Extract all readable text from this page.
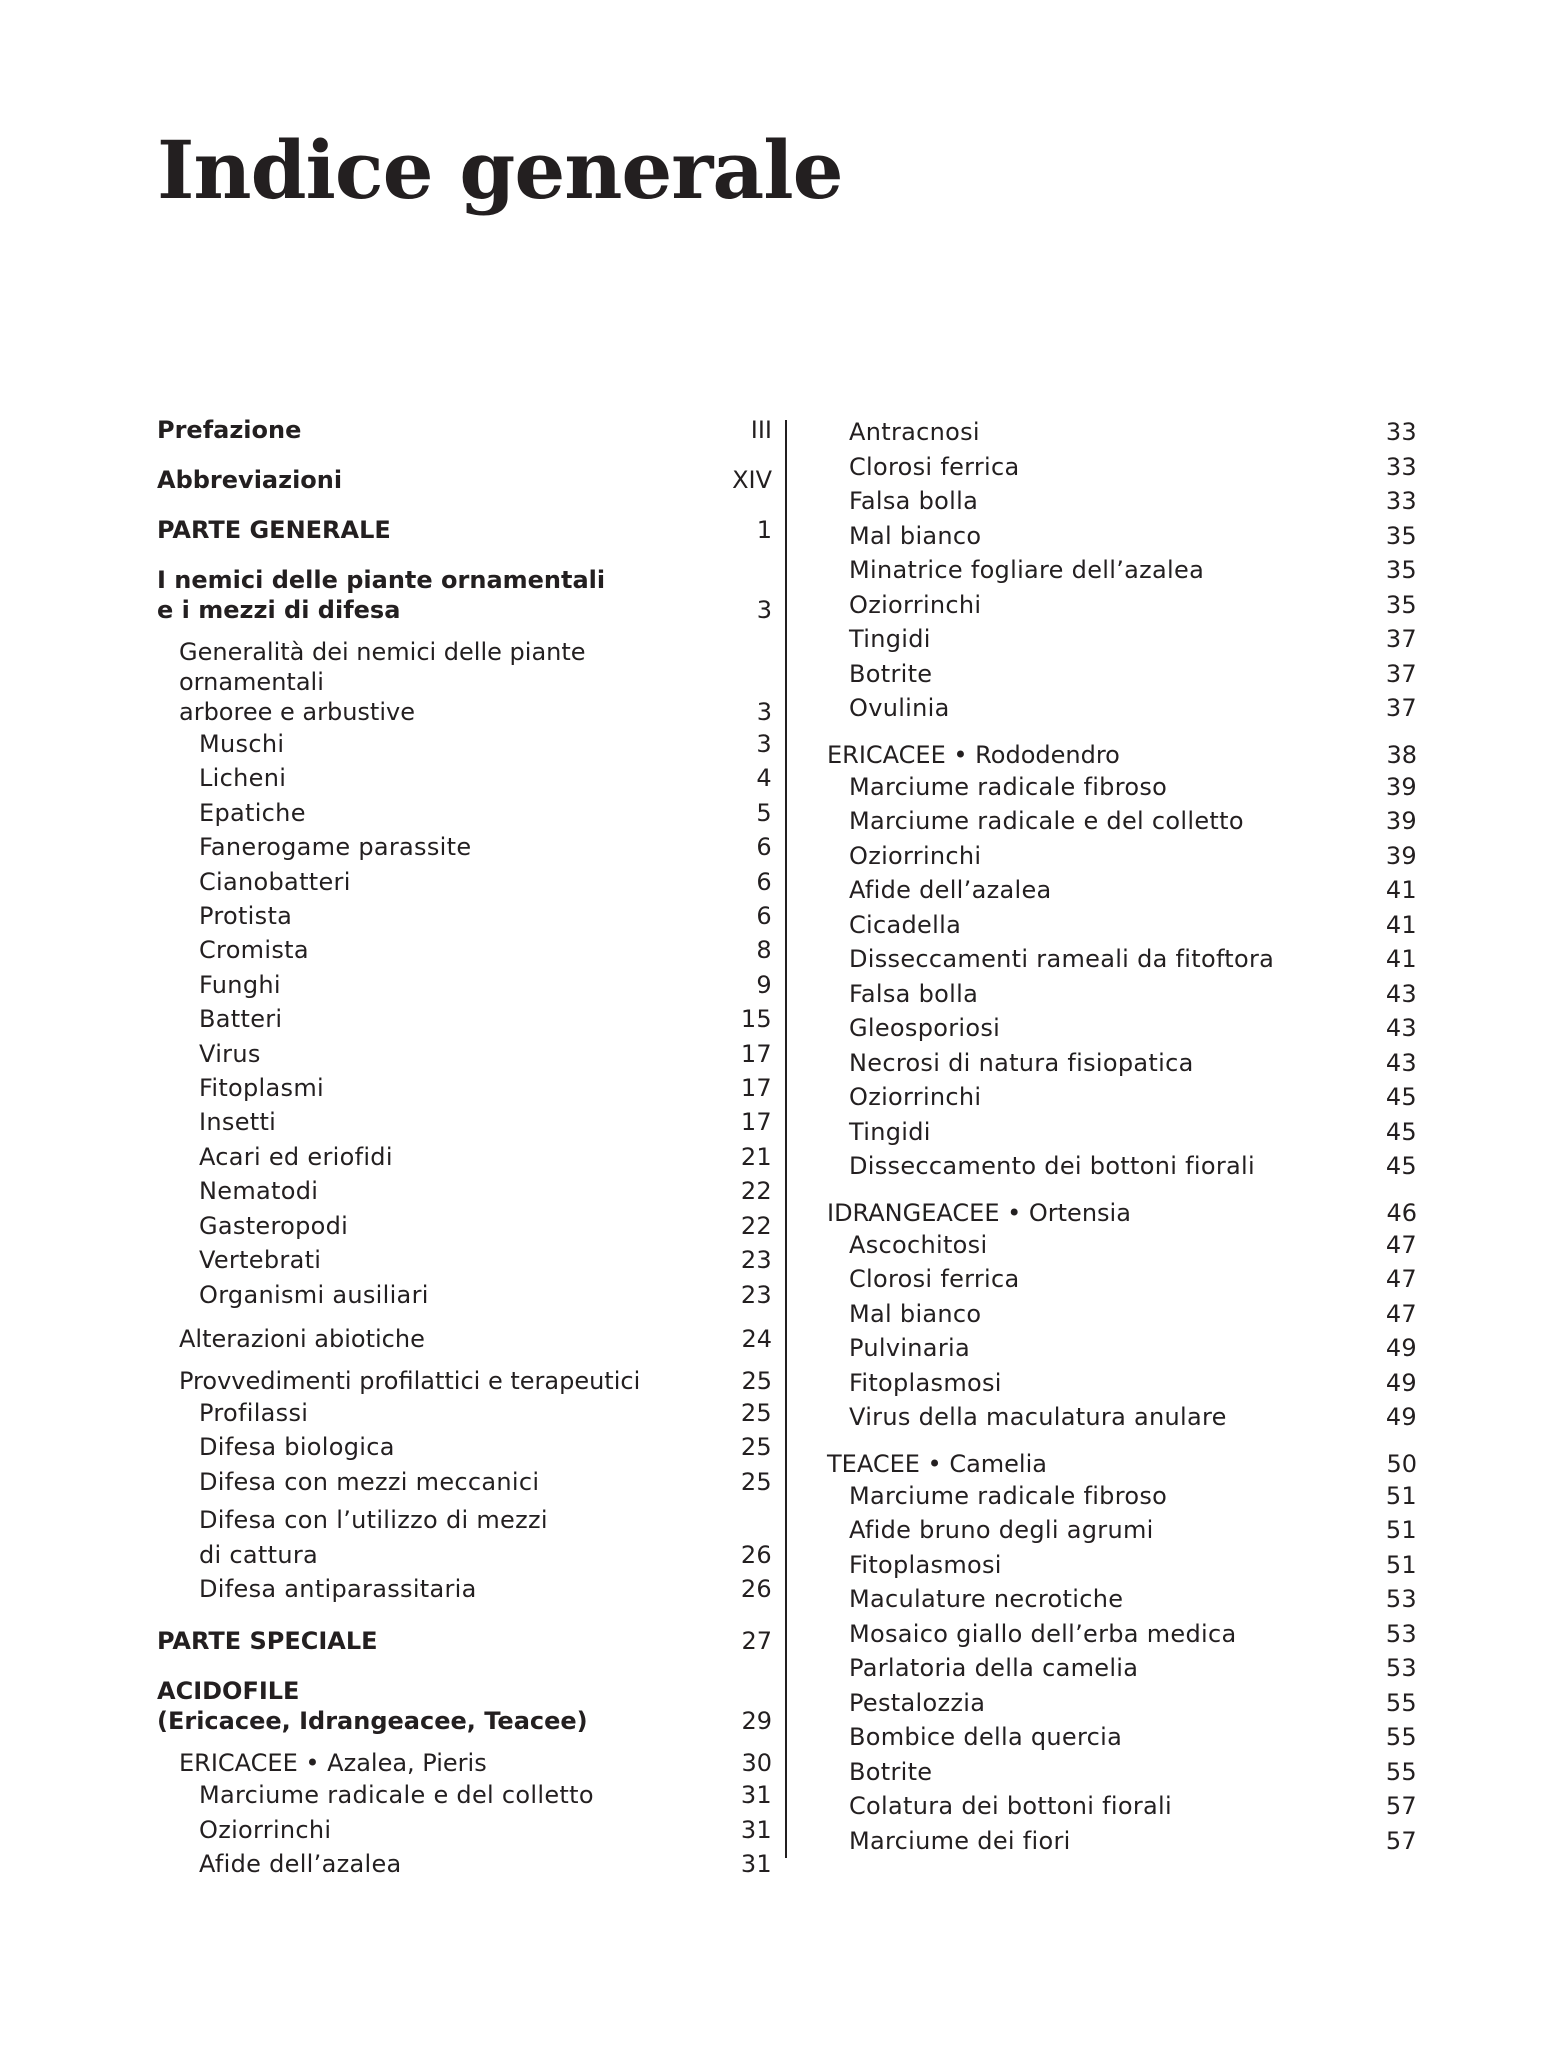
Indice generale
Prefazione	III
Abbreviazioni	XIV
PARTE GENERALE	1
I nemici delle piante ornamentali
e i mezzi di difesa	3
Generalità dei nemici delle piante ornamentali
arboree e arbustive	3
Muschi	3
Licheni	4
Epatiche	5
Fanerogame parassite	6
Cianobatteri	6
Protista	6
Cromista	8
Funghi	9
Batteri	15
Virus	17
Fitoplasmi	17
Insetti	17
Acari ed eriofidi	21
Nematodi	22
Gasteropodi	22
Vertebrati	23
Organismi ausiliari	23
Alterazioni abiotiche	24
Provvedimenti profilattici e terapeutici	25
Profilassi	25
Difesa biologica	25
Difesa con mezzi meccanici	25
Difesa con l’utilizzo di mezzi
di cattura	26
Difesa antiparassitaria	26
PARTE SPECIALE	27
ACIDOFILE
(Ericacee, Idrangeacee, Teacee)	29
ERICACEE • Azalea, Pieris	30
Marciume radicale e del colletto	31
Oziorrinchi	31
Afide dell’azalea	31
Antracnosi	33
Clorosi ferrica	33
Falsa bolla	33
Mal bianco	35
Minatrice fogliare dell’azalea	35
Oziorrinchi	35
Tingidi	37
Botrite	37
Ovulinia	37
ERICACEE • Rododendro	38
Marciume radicale fibroso	39
Marciume radicale e del colletto	39
Oziorrinchi	39
Afide dell’azalea	41
Cicadella	41
Disseccamenti rameali da fitoftora	41
Falsa bolla	43
Gleosporiosi	43
Necrosi di natura fisiopatica	43
Oziorrinchi	45
Tingidi	45
Disseccamento dei bottoni fiorali	45
IDRANGEACEE • Ortensia	46
Ascochitosi	47
Clorosi ferrica	47
Mal bianco	47
Pulvinaria	49
Fitoplasmosi	49
Virus della maculatura anulare	49
TEACEE • Camelia	50
Marciume radicale fibroso	51
Afide bruno degli agrumi	51
Fitoplasmosi	51
Maculature necrotiche	53
Mosaico giallo dell’erba medica	53
Parlatoria della camelia	53
Pestalozzia	55
Bombice della quercia	55
Botrite	55
Colatura dei bottoni fiorali	57
Marciume dei fiori	57
